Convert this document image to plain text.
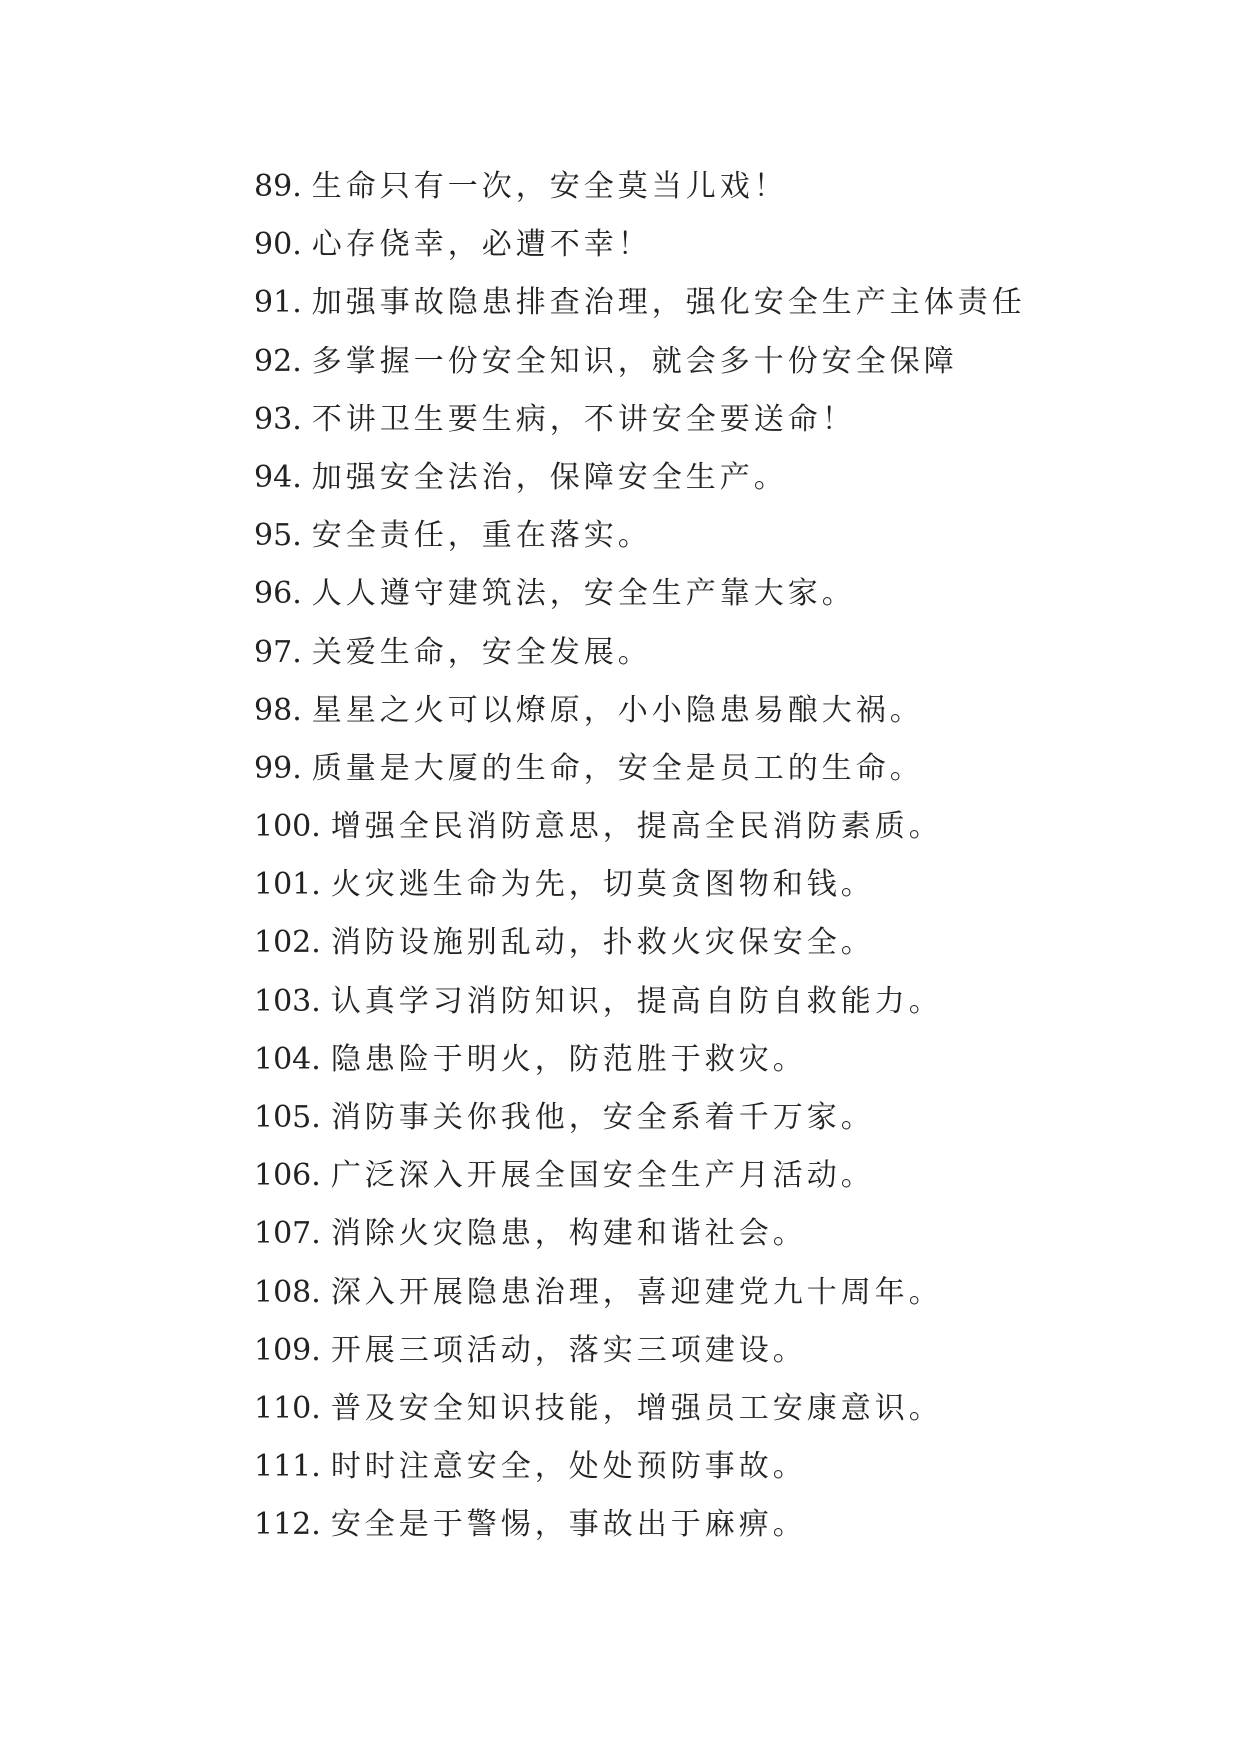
89. 生命只有一次，安全莫当儿戏！
90. 心存侥幸，必遭不幸！
91. 加强事故隐患排查治理，强化安全生产主体责任
92. 多掌握一份安全知识，就会多十份安全保障
93. 不讲卫生要生病，不讲安全要送命！
94. 加强安全法治，保障安全生产。
95. 安全责任，重在落实。
96. 人人遵守建筑法，安全生产靠大家。
97. 关爱生命，安全发展。
98. 星星之火可以燎原，小小隐患易酿大祸。
99. 质量是大厦的生命，安全是员工的生命。
100. 增强全民消防意思，提高全民消防素质。
101. 火灾逃生命为先，切莫贪图物和钱。
102. 消防设施别乱动，扑救火灾保安全。
103. 认真学习消防知识，提高自防自救能力。
104. 隐患险于明火，防范胜于救灾。
105. 消防事关你我他，安全系着千万家。
106. 广泛深入开展全国安全生产月活动。
107. 消除火灾隐患，构建和谐社会。
108. 深入开展隐患治理，喜迎建党九十周年。
109. 开展三项活动，落实三项建设。
110. 普及安全知识技能，增强员工安康意识。
111. 时时注意安全，处处预防事故。
112. 安全是于警惕，事故出于麻痹。
